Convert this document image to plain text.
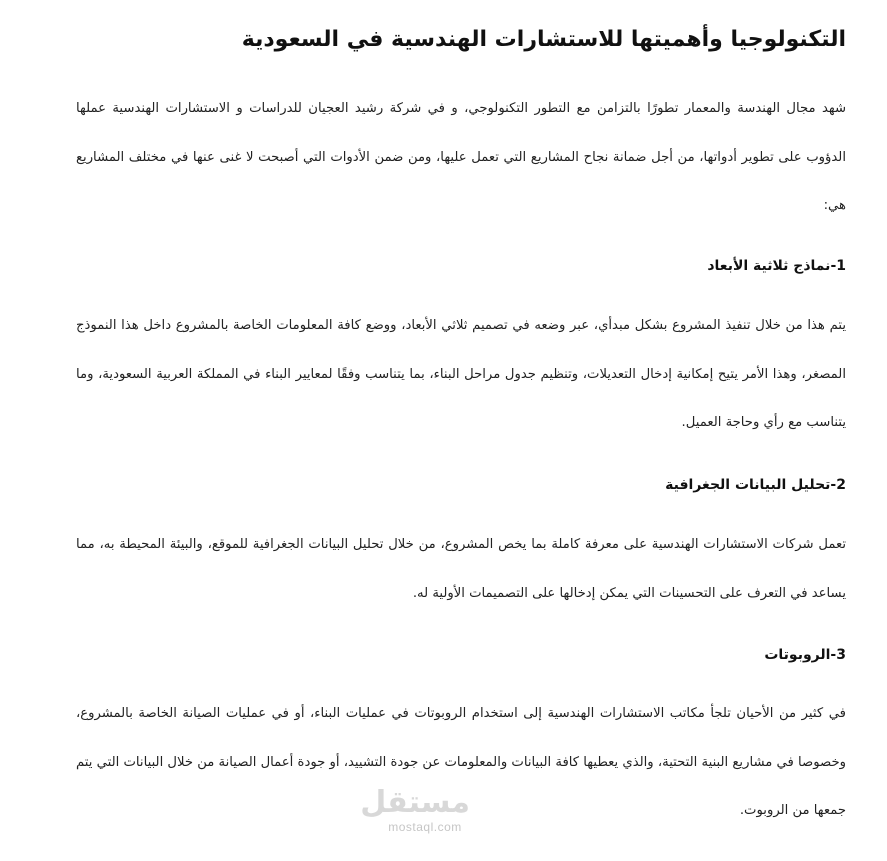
التكنولوجيا وأهميتها للاستشارات الهندسية في السعودية

شهد مجال الهندسة والمعمار تطورًا بالتزامن مع التطور التكنولوجي، و في شركة رشيد العجيان للدراسات و الاستشارات الهندسية عملها الدؤوب على تطوير أدواتها، من أجل ضمانة نجاح المشاريع التي تعمل عليها، ومن ضمن الأدوات التي أصبحت لا غنى عنها في مختلف المشاريع هي:

1-نماذج ثلاثية الأبعاد

يتم هذا من خلال تنفيذ المشروع بشكل مبدأي، عبر وضعه في تصميم ثلاثي الأبعاد، ووضع كافة المعلومات الخاصة بالمشروع داخل هذا النموذج المصغر، وهذا الأمر يتيح إمكانية إدخال التعديلات، وتنظيم جدول مراحل البناء، بما يتناسب وفقًا لمعايير البناء في المملكة العربية السعودية، وما يتناسب مع رأي وحاجة العميل.

2-تحليل البيانات الجغرافية

تعمل شركات الاستشارات الهندسية على معرفة كاملة بما يخص المشروع، من خلال تحليل البيانات الجغرافية للموقع، والبيئة المحيطة به، مما يساعد في التعرف على التحسينات التي يمكن إدخالها على التصميمات الأولية له.

3-الروبوتات

في كثير من الأحيان تلجأ مكاتب الاستشارات الهندسية إلى استخدام الروبوتات في عمليات البناء، أو في عمليات الصيانة الخاصة بالمشروع، وخصوصا في مشاريع البنية التحتية، والذي يعطيها كافة البيانات والمعلومات عن جودة التشييد، أو جودة أعمال الصيانة من خلال البيانات التي يتم جمعها من الروبوت.

مستقل
mostaql.com
